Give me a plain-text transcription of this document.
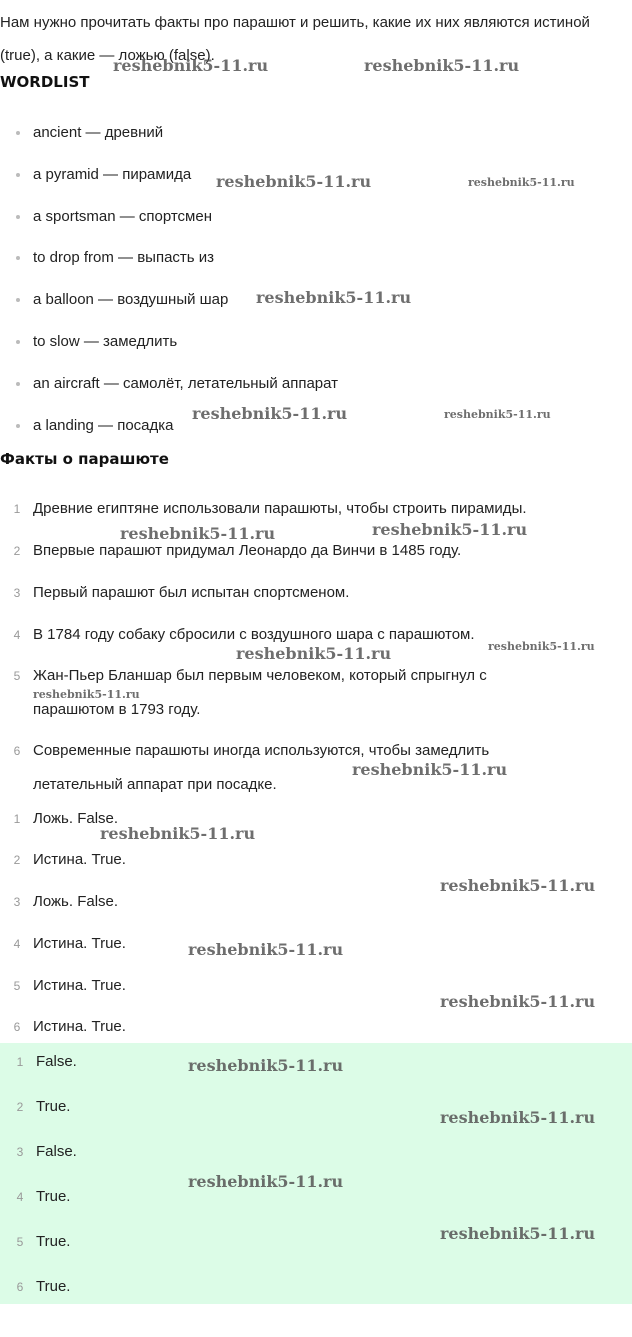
Нам нужно прочитать факты про парашют и решить, какие их них являются истиной (true), а какие — ложью (false).
WORDLIST
ancient — древний
a pyramid — пирамида
a sportsman — спортсмен
to drop from — выпасть из
a balloon — воздушный шар
to slow — замедлить
an aircraft — самолёт, летательный аппарат
a landing — посадка
Факты о парашюте
1 Древние египтяне использовали парашюты, чтобы строить пирамиды.
2 Впервые парашют придумал Леонардо да Винчи в 1485 году.
3 Первый парашют был испытан спортсменом.
4 В 1784 году собаку сбросили с воздушного шара с парашютом.
5 Жан-Пьер Бланшар был первым человеком, который спрыгнул с парашютом в 1793 году.
6 Современные парашюты иногда используются, чтобы замедлить летательный аппарат при посадке.
1 Ложь. False.
2 Истина. True.
3 Ложь. False.
4 Истина. True.
5 Истина. True.
6 Истина. True.
1 False.
2 True.
3 False.
4 True.
5 True.
6 True.
reshebnik5-11.ru	reshebnik5-11.ru
reshebnik5-11.ru	reshebnik5-11.ru
reshebnik5-11.ru
reshebnik5-11.ru	reshebnik5-11.ru
reshebnik5-11.ru	reshebnik5-11.ru
reshebnik5-11.ru	reshebnik5-11.ru
reshebnik5-11.ru
reshebnik5-11.ru
reshebnik5-11.ru
reshebnik5-11.ru
reshebnik5-11.ru
reshebnik5-11.ru
reshebnik5-11.ru
reshebnik5-11.ru
reshebnik5-11.ru
reshebnik5-11.ru
